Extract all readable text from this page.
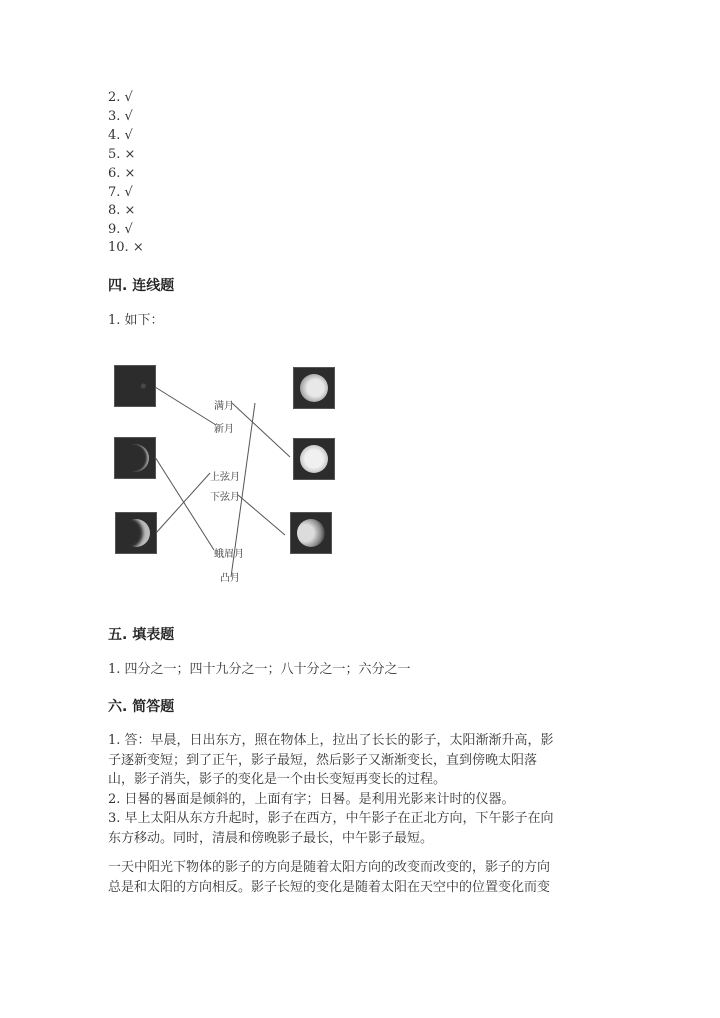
2. √
3. √
4. √
5. ×
6. ×
7. √
8. ×
9. √
10. ×
四. 连线题
1. 如下：
满月
新月
上弦月
下弦月
蛾眉月
凸月
五. 填表题
1. 四分之一；四十九分之一；八十分之一；六分之一
六. 简答题
1. 答：早晨，日出东方，照在物体上，拉出了长长的影子，太阳渐渐升高，影
子逐新变短；到了正午，影子最短，然后影子又渐渐变长，直到傍晚太阳落
山，影子消失，影子的变化是一个由长变短再变长的过程。
2. 日晷的晷面是倾斜的，上面有字；日晷。是利用光影来计时的仪器。
3. 早上太阳从东方升起时，影子在西方，中午影子在正北方向，下午影子在向
东方移动。同时，清晨和傍晚影子最长，中午影子最短。
一天中阳光下物体的影子的方向是随着太阳方向的改变而改变的，影子的方向
总是和太阳的方向相反。影子长短的变化是随着太阳在天空中的位置变化而变
